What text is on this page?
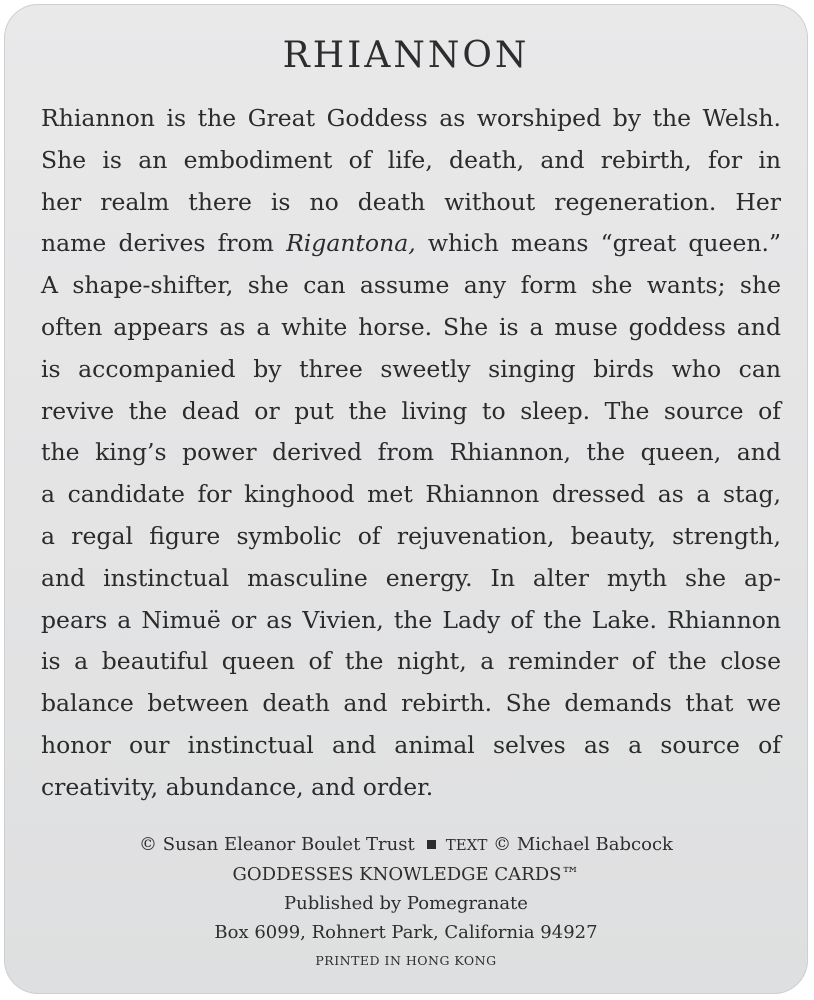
RHIANNON

Rhiannon is the Great Goddess as worshiped by the Welsh.
She is an embodiment of life, death, and rebirth, for in
her realm there is no death without regeneration. Her
name derives from Rigantona, which means “great queen.”
A shape-shifter, she can assume any form she wants; she
often appears as a white horse. She is a muse goddess and
is accompanied by three sweetly singing birds who can
revive the dead or put the living to sleep. The source of
the king’s power derived from Rhiannon, the queen, and
a candidate for kinghood met Rhiannon dressed as a stag,
a regal figure symbolic of rejuvenation, beauty, strength,
and instinctual masculine energy. In alter myth she ap-
pears a Nimuë or as Vivien, the Lady of the Lake. Rhiannon
is a beautiful queen of the night, a reminder of the close
balance between death and rebirth. She demands that we
honor our instinctual and animal selves as a source of
creativity, abundance, and order.

© Susan Eleanor Boulet Trust TEXT © Michael Babcock
GODDESSES KNOWLEDGE CARDS™
Published by Pomegranate
Box 6099, Rohnert Park, California 94927
PRINTED IN HONG KONG
